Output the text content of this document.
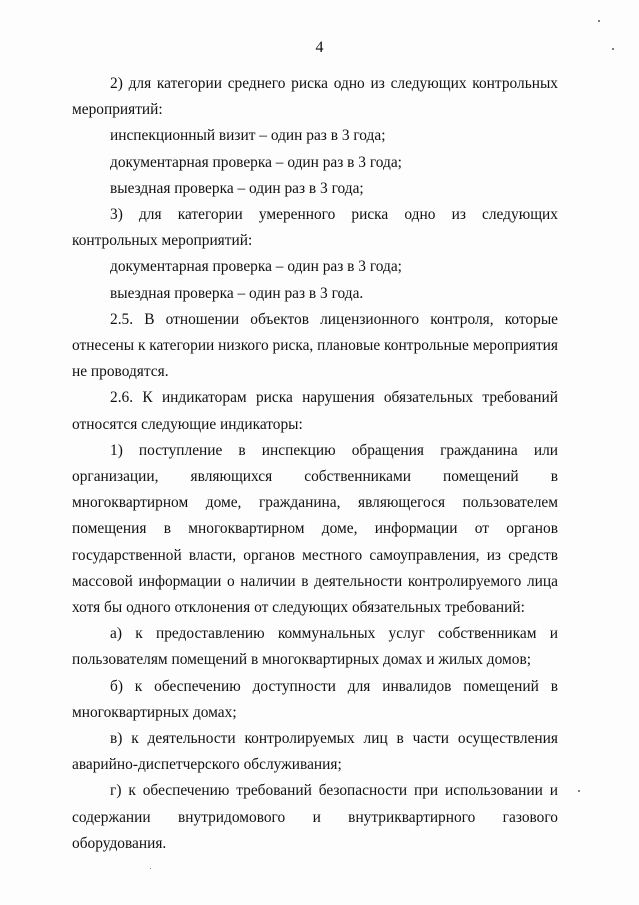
4

2) для категории среднего риска одно из следующих контрольных мероприятий:

инспекционный визит – один раз в 3 года;

документарная проверка – один раз в 3 года;

выездная проверка – один раз в 3 года;

3) для категории умеренного риска одно из следующих контрольных мероприятий:

документарная проверка – один раз в 3 года;

выездная проверка – один раз в 3 года.

2.5. В отношении объектов лицензионного контроля, которые отнесены к категории низкого риска, плановые контрольные мероприятия не проводятся.

2.6. К индикаторам риска нарушения обязательных требований относятся следующие индикаторы:

1) поступление в инспекцию обращения гражданина или организации, являющихся собственниками помещений в многоквартирном доме, гражданина, являющегося пользователем помещения в многоквартирном доме, информации от органов государственной власти, органов местного самоуправления, из средств массовой информации о наличии в деятельности контролируемого лица хотя бы одного отклонения от следующих обязательных требований:

а) к предоставлению коммунальных услуг собственникам и пользователям помещений в многоквартирных домах и жилых домов;

б) к обеспечению доступности для инвалидов помещений в многоквартирных домах;

в) к деятельности контролируемых лиц в части осуществления аварийно-диспетчерского обслуживания;

г) к обеспечению требований безопасности при использовании и содержании внутридомового и внутриквартирного газового оборудования.
